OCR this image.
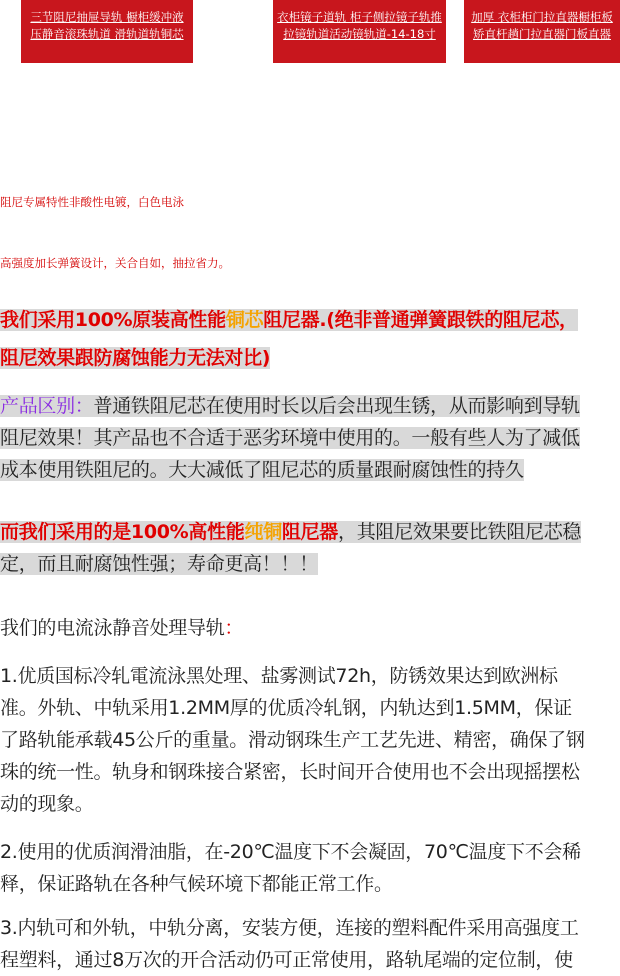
三节阻尼抽屉导轨 橱柜缓冲液压静音滚珠轨道 滑轨道轨铜芯
衣柜镜子道轨 柜子侧拉镜子轨推拉镜轨道活动镜轨道-14-18寸
加厚 衣柜柜门拉直器橱柜板矫直杆趟门拉直器门板直器
阻尼专属特性非酸性电镀，白色电泳
高强度加长弹簧设计，关合自如，抽拉省力。
我们采用100%原装高性能铜芯阻尼器.(绝非普通弹簧跟铁的阻尼芯，
阻尼效果跟防腐蚀能力无法对比)
产品区别：普通铁阻尼芯在使用时长以后会出现生锈，从而影响到导轨
阻尼效果！其产品也不合适于恶劣环境中使用的。一般有些人为了减低
成本使用铁阻尼的。大大减低了阻尼芯的质量跟耐腐蚀性的持久
而我们采用的是100%高性能纯铜阻尼器，其阻尼效果要比铁阻尼芯稳
定，而且耐腐蚀性强；寿命更高！！！
我们的电流泳静音处理导轨：
1.优质国标冷轧電流泳黑处理、盐雾测试72h，防锈效果达到欧洲标
准。外轨、中轨采用1.2MM厚的优质冷轧钢，内轨达到1.5MM，保证
了路轨能承载45公斤的重量。滑动钢珠生产工艺先进、精密，确保了钢
珠的统一性。轨身和钢珠接合紧密，长时间开合使用也不会出现摇摆松
动的现象。
2.使用的优质润滑油脂，在-20℃温度下不会凝固，70℃温度下不会稀
释，保证路轨在各种气候环境下都能正常工作。
3.内轨可和外轨，中轨分离，安装方便，连接的塑料配件采用高强度工
程塑料，通过8万次的开合活动仍可正常使用，路轨尾端的定位制，使
